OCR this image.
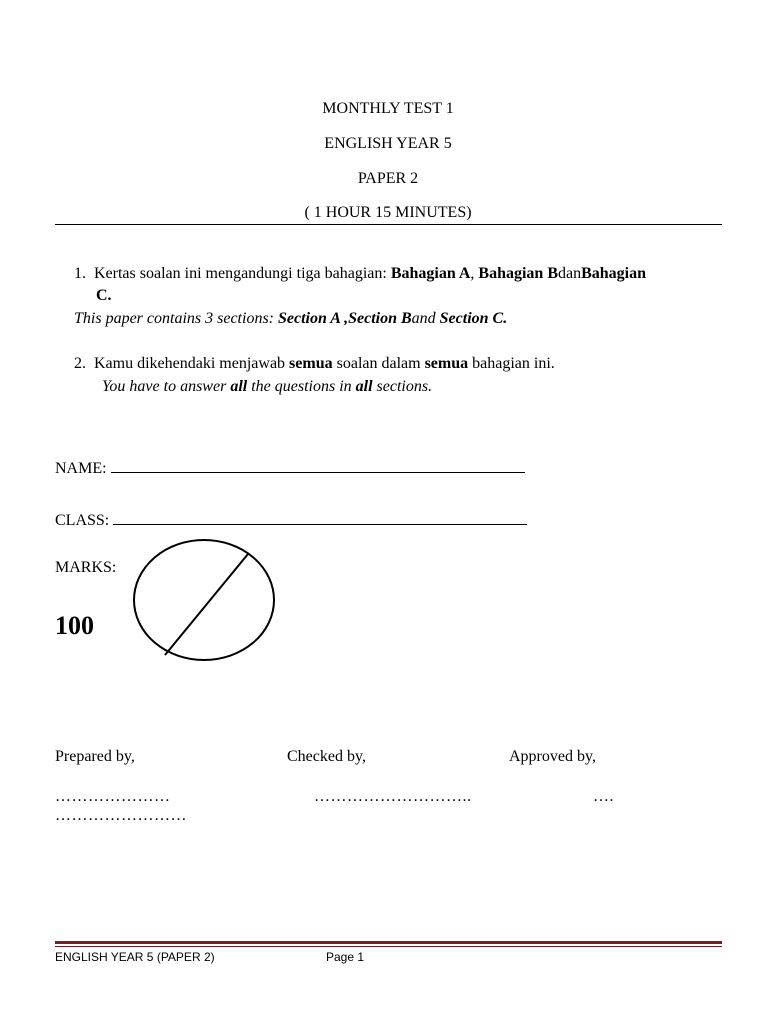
MONTHLY TEST 1
ENGLISH YEAR 5
PAPER 2
( 1 HOUR 15 MINUTES)
1. Kertas soalan ini mengandungi tiga bahagian: Bahagian A, Bahagian BdanBahagian
C.
This paper contains 3 sections: Section A ,Section Band Section C.
2. Kamu dikehendaki menjawab semua soalan dalam semua bahagian ini.
You have to answer all the questions in all sections.
NAME:
CLASS:
MARKS:
100
Prepared by,	Checked by,	Approved by,
…………………	………………………..	….
……………………
ENGLISH YEAR 5 (PAPER 2)	Page 1
